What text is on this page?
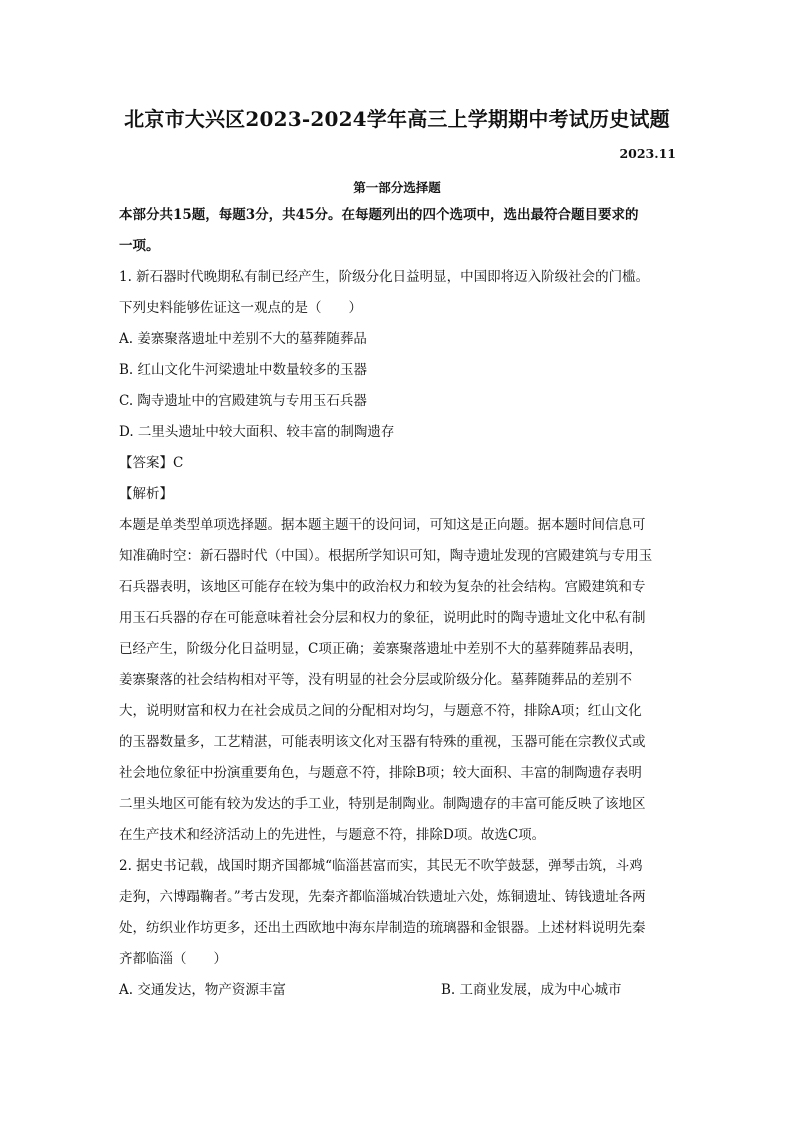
北京市大兴区2023-2024学年高三上学期期中考试历史试题
2023.11
第一部分选择题
本部分共15题，每题3分，共45分。在每题列出的四个选项中，选出最符合题目要求的
一项。
1. 新石器时代晚期私有制已经产生，阶级分化日益明显，中国即将迈入阶级社会的门槛。
下列史料能够佐证这一观点的是（　　）
A. 姜寨聚落遗址中差别不大的墓葬随葬品
B. 红山文化牛河梁遗址中数量较多的玉器
C. 陶寺遗址中的宫殿建筑与专用玉石兵器
D. 二里头遗址中较大面积、较丰富的制陶遗存
【答案】C
【解析】
本题是单类型单项选择题。据本题主题干的设问词，可知这是正向题。据本题时间信息可
知准确时空：新石器时代（中国）。根据所学知识可知，陶寺遗址发现的宫殿建筑与专用玉
石兵器表明，该地区可能存在较为集中的政治权力和较为复杂的社会结构。宫殿建筑和专
用玉石兵器的存在可能意味着社会分层和权力的象征，说明此时的陶寺遗址文化中私有制
已经产生，阶级分化日益明显，C项正确；姜寨聚落遗址中差别不大的墓葬随葬品表明，
姜寨聚落的社会结构相对平等，没有明显的社会分层或阶级分化。墓葬随葬品的差别不
大，说明财富和权力在社会成员之间的分配相对均匀，与题意不符，排除A项；红山文化
的玉器数量多，工艺精湛，可能表明该文化对玉器有特殊的重视，玉器可能在宗教仪式或
社会地位象征中扮演重要角色，与题意不符，排除B项；较大面积、丰富的制陶遗存表明
二里头地区可能有较为发达的手工业，特别是制陶业。制陶遗存的丰富可能反映了该地区
在生产技术和经济活动上的先进性，与题意不符，排除D项。故选C项。
2. 据史书记载，战国时期齐国都城“临淄甚富而实，其民无不吹竽鼓瑟，弹琴击筑，斗鸡
走狗，六博蹋鞠者。”考古发现，先秦齐都临淄城冶铁遗址六处，炼铜遗址、铸钱遗址各两
处，纺织业作坊更多，还出土西欧地中海东岸制造的琉璃器和金银器。上述材料说明先秦
齐都临淄（　　）
A. 交通发达，物产资源丰富	B. 工商业发展，成为中心城市
